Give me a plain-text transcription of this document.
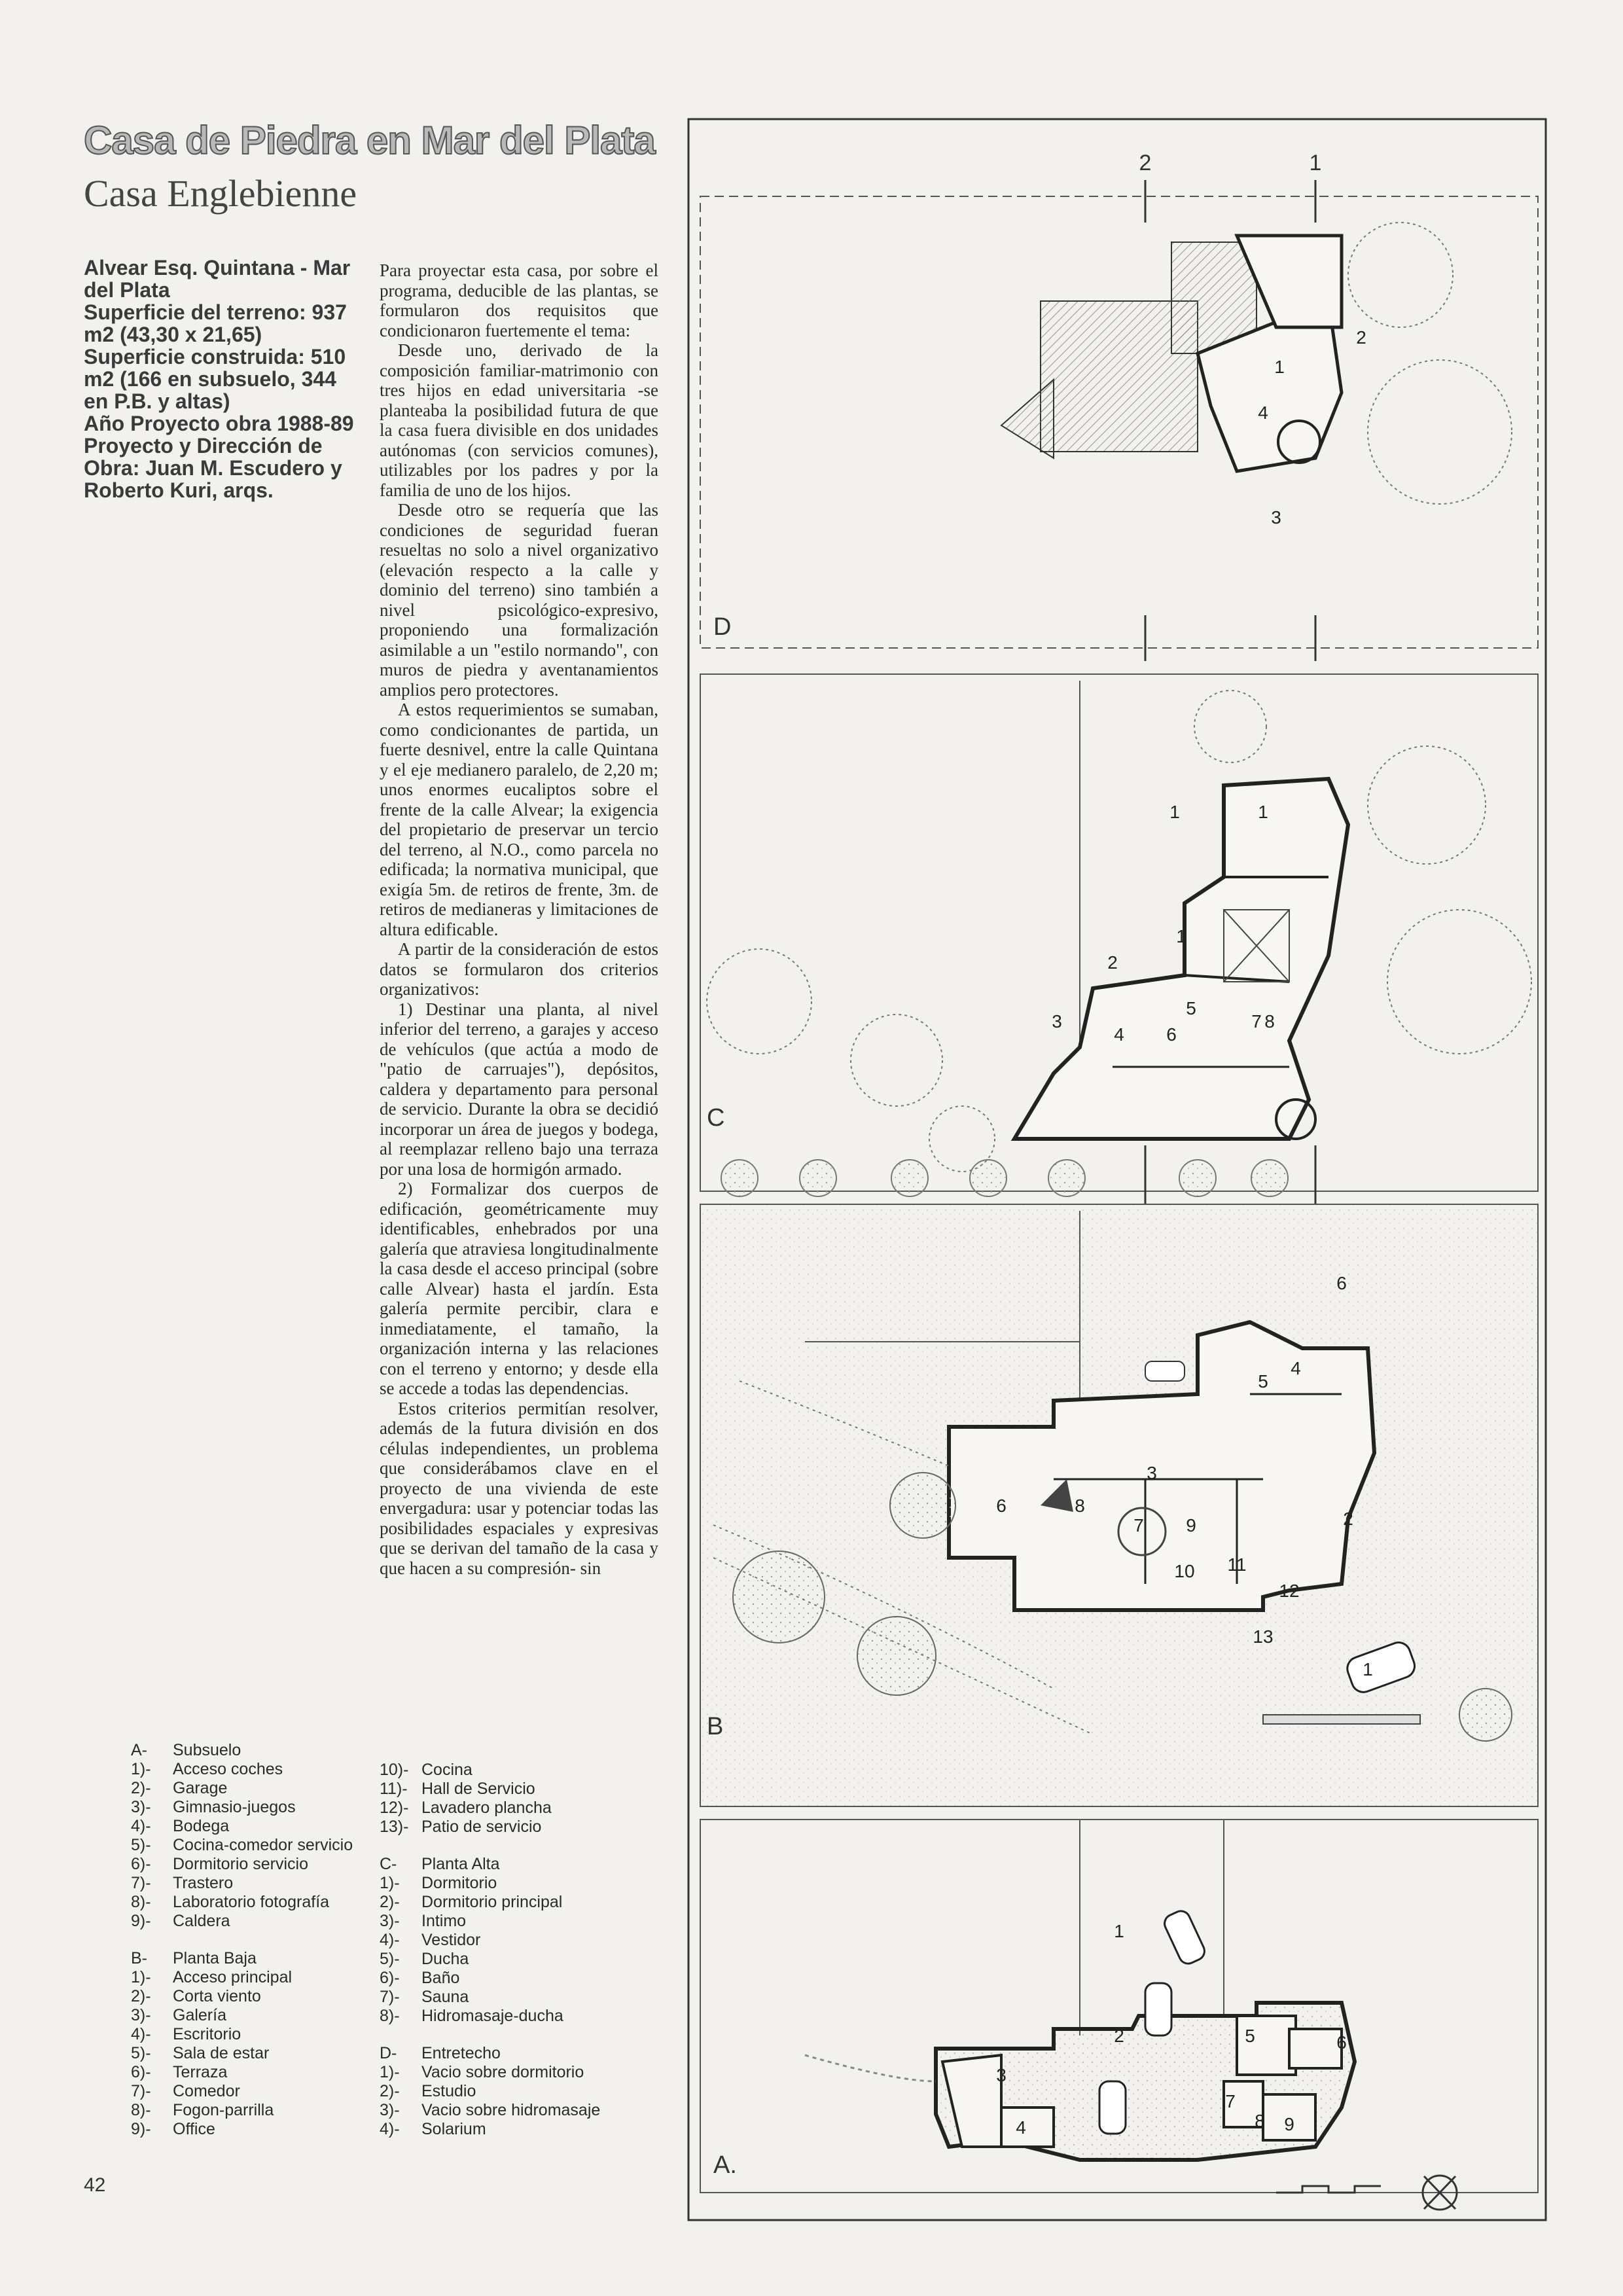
Casa de Piedra en Mar del Plata
Casa Englebienne
Alvear Esq. Quintana - Mar
del Plata
Superficie del terreno: 937
m2 (43,30 x 21,65)
Superficie construida: 510
m2 (166 en subsuelo, 344
en P.B. y altas)
Año Proyecto obra 1988-89
Proyecto y Dirección de
Obra: Juan M. Escudero y
Roberto Kuri, arqs.

Para proyectar esta casa, por sobre el programa, deducible de las plantas, se formularon dos requisitos que condicionaron fuertemente el tema:

Desde uno, derivado de la composición familiar-matrimonio con tres hijos en edad universitaria -se planteaba la posibilidad futura de que la casa fuera divisible en dos unidades autónomas (con servicios comunes), utilizables por los padres y por la familia de uno de los hijos.

Desde otro se requería que las condiciones de seguridad fueran resueltas no solo a nivel organizativo (elevación respecto a la calle y dominio del terreno) sino también a nivel psicológico-expresivo, proponiendo una formalización asimilable a un "estilo normando", con muros de piedra y aventanamientos amplios pero protectores.

A estos requerimientos se sumaban, como condicionantes de partida, un fuerte desnivel, entre la calle Quintana y el eje medianero paralelo, de 2,20 m; unos enormes eucaliptos sobre el frente de la calle Alvear; la exigencia del propietario de preservar un tercio del terreno, al N.O., como parcela no edificada; la normativa municipal, que exigía 5m. de retiros de frente, 3m. de retiros de medianeras y limitaciones de altura edificable.

A partir de la consideración de estos datos se formularon dos criterios organizativos:

1) Destinar una planta, al nivel inferior del terreno, a garajes y acceso de vehículos (que actúa a modo de "patio de carruajes"), depósitos, caldera y departamento para personal de servicio. Durante la obra se decidió incorporar un área de juegos y bodega, al reemplazar relleno bajo una terraza por una losa de hormigón armado.

2) Formalizar dos cuerpos de edificación, geométricamente muy identificables, enhebrados por una galería que atraviesa longitudinalmente la casa desde el acceso principal (sobre calle Alvear) hasta el jardín. Esta galería permite percibir, clara e inmediatamente, el tamaño, la organización interna y las relaciones con el terreno y entorno; y desde ella se accede a todas las dependencias.

Estos criterios permitían resolver, además de la futura división en dos células independientes, un problema que considerábamos clave en el proyecto de una vivienda de este envergadura: usar y potenciar todas las posibilidades espaciales y expresivas que se derivan del tamaño de la casa y que hacen a su compresión- sin

A-	Subsuelo
1)-	Acceso coches
2)-	Garage
3)-	Gimnasio-juegos
4)-	Bodega
5)-	Cocina-comedor servicio
6)-	Dormitorio servicio
7)-	Trastero
8)-	Laboratorio fotografía
9)-	Caldera
B-	Planta Baja
1)-	Acceso principal
2)-	Corta viento
3)-	Galería
4)-	Escritorio
5)-	Sala de estar
6)-	Terraza
7)-	Comedor
8)-	Fogon-parrilla
9)-	Office
10)- Cocina
11)- Hall de Servicio
12)- Lavadero plancha
13)- Patio de servicio
C-	Planta Alta
1)-	Dormitorio
2)-	Dormitorio principal
3)-	Intimo
4)-	Vestidor
5)-	Ducha
6)-	Baño
7)-	Sauna
8)-	Hidromasaje-ducha
D-	Entretecho
1)-	Vacio sobre dormitorio
2)-	Estudio
3)-	Vacio sobre hidromasaje
4)-	Solarium
42
2	1
D
C
B
A.
1
2
3
4
1	1
1
2
3
4
5
6
7 8
1
2
3
4
5
6
6
7
8
9
10 11
12
13
1
2
3
4
5	6
7
8 9
